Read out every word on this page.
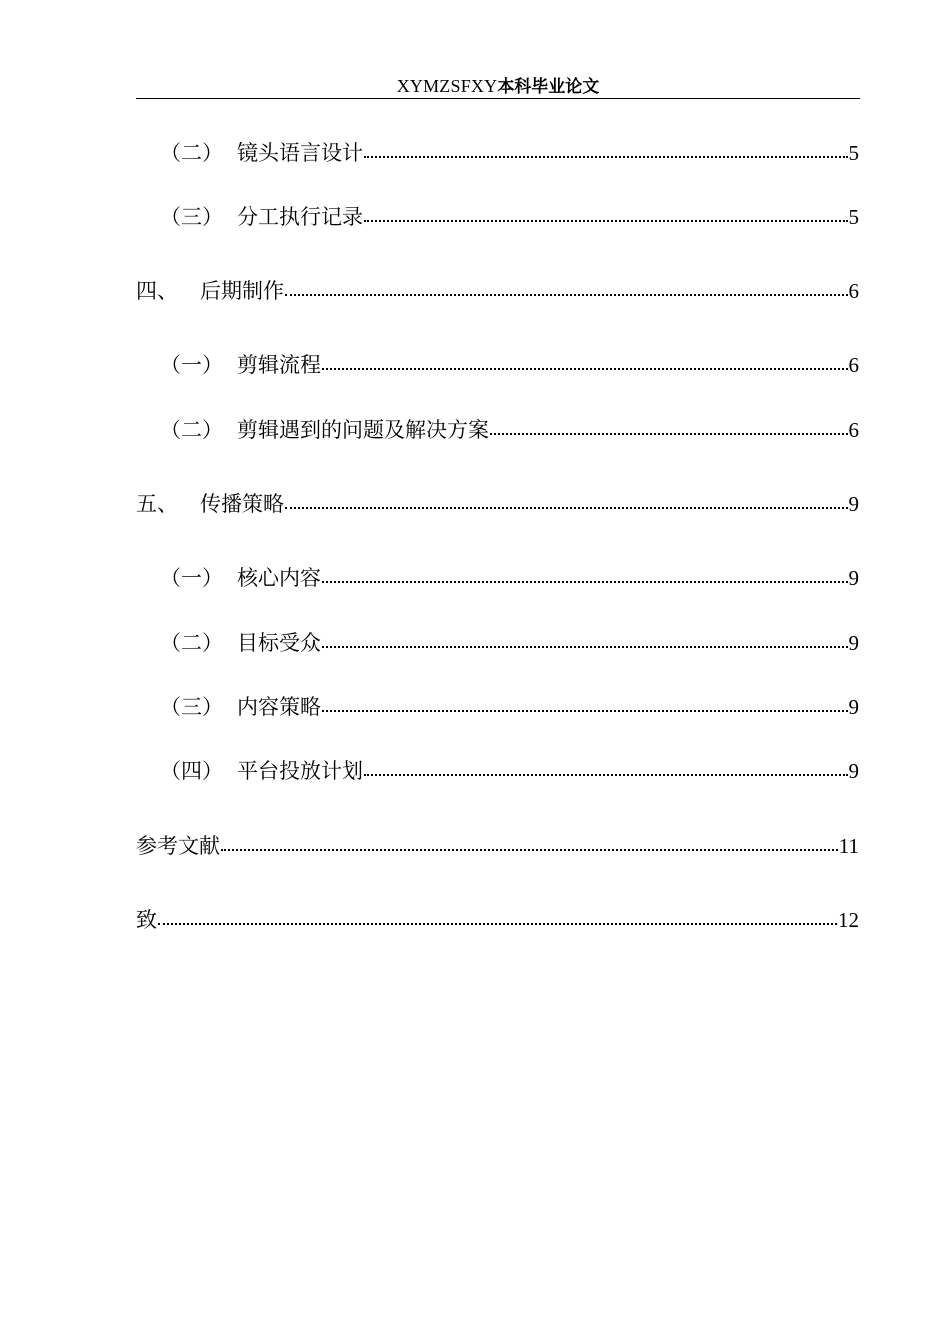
XYMZSFXY本科毕业论文
（二） 镜头语言设计	5
（三） 分工执行记录	5
四、	后期制作	6
（一） 剪辑流程	6
（二） 剪辑遇到的问题及解决方案	6
五、	传播策略	9
（一） 核心内容	9
（二） 目标受众	9
（三） 内容策略	9
（四） 平台投放计划	9
参考文献	11
致	12
